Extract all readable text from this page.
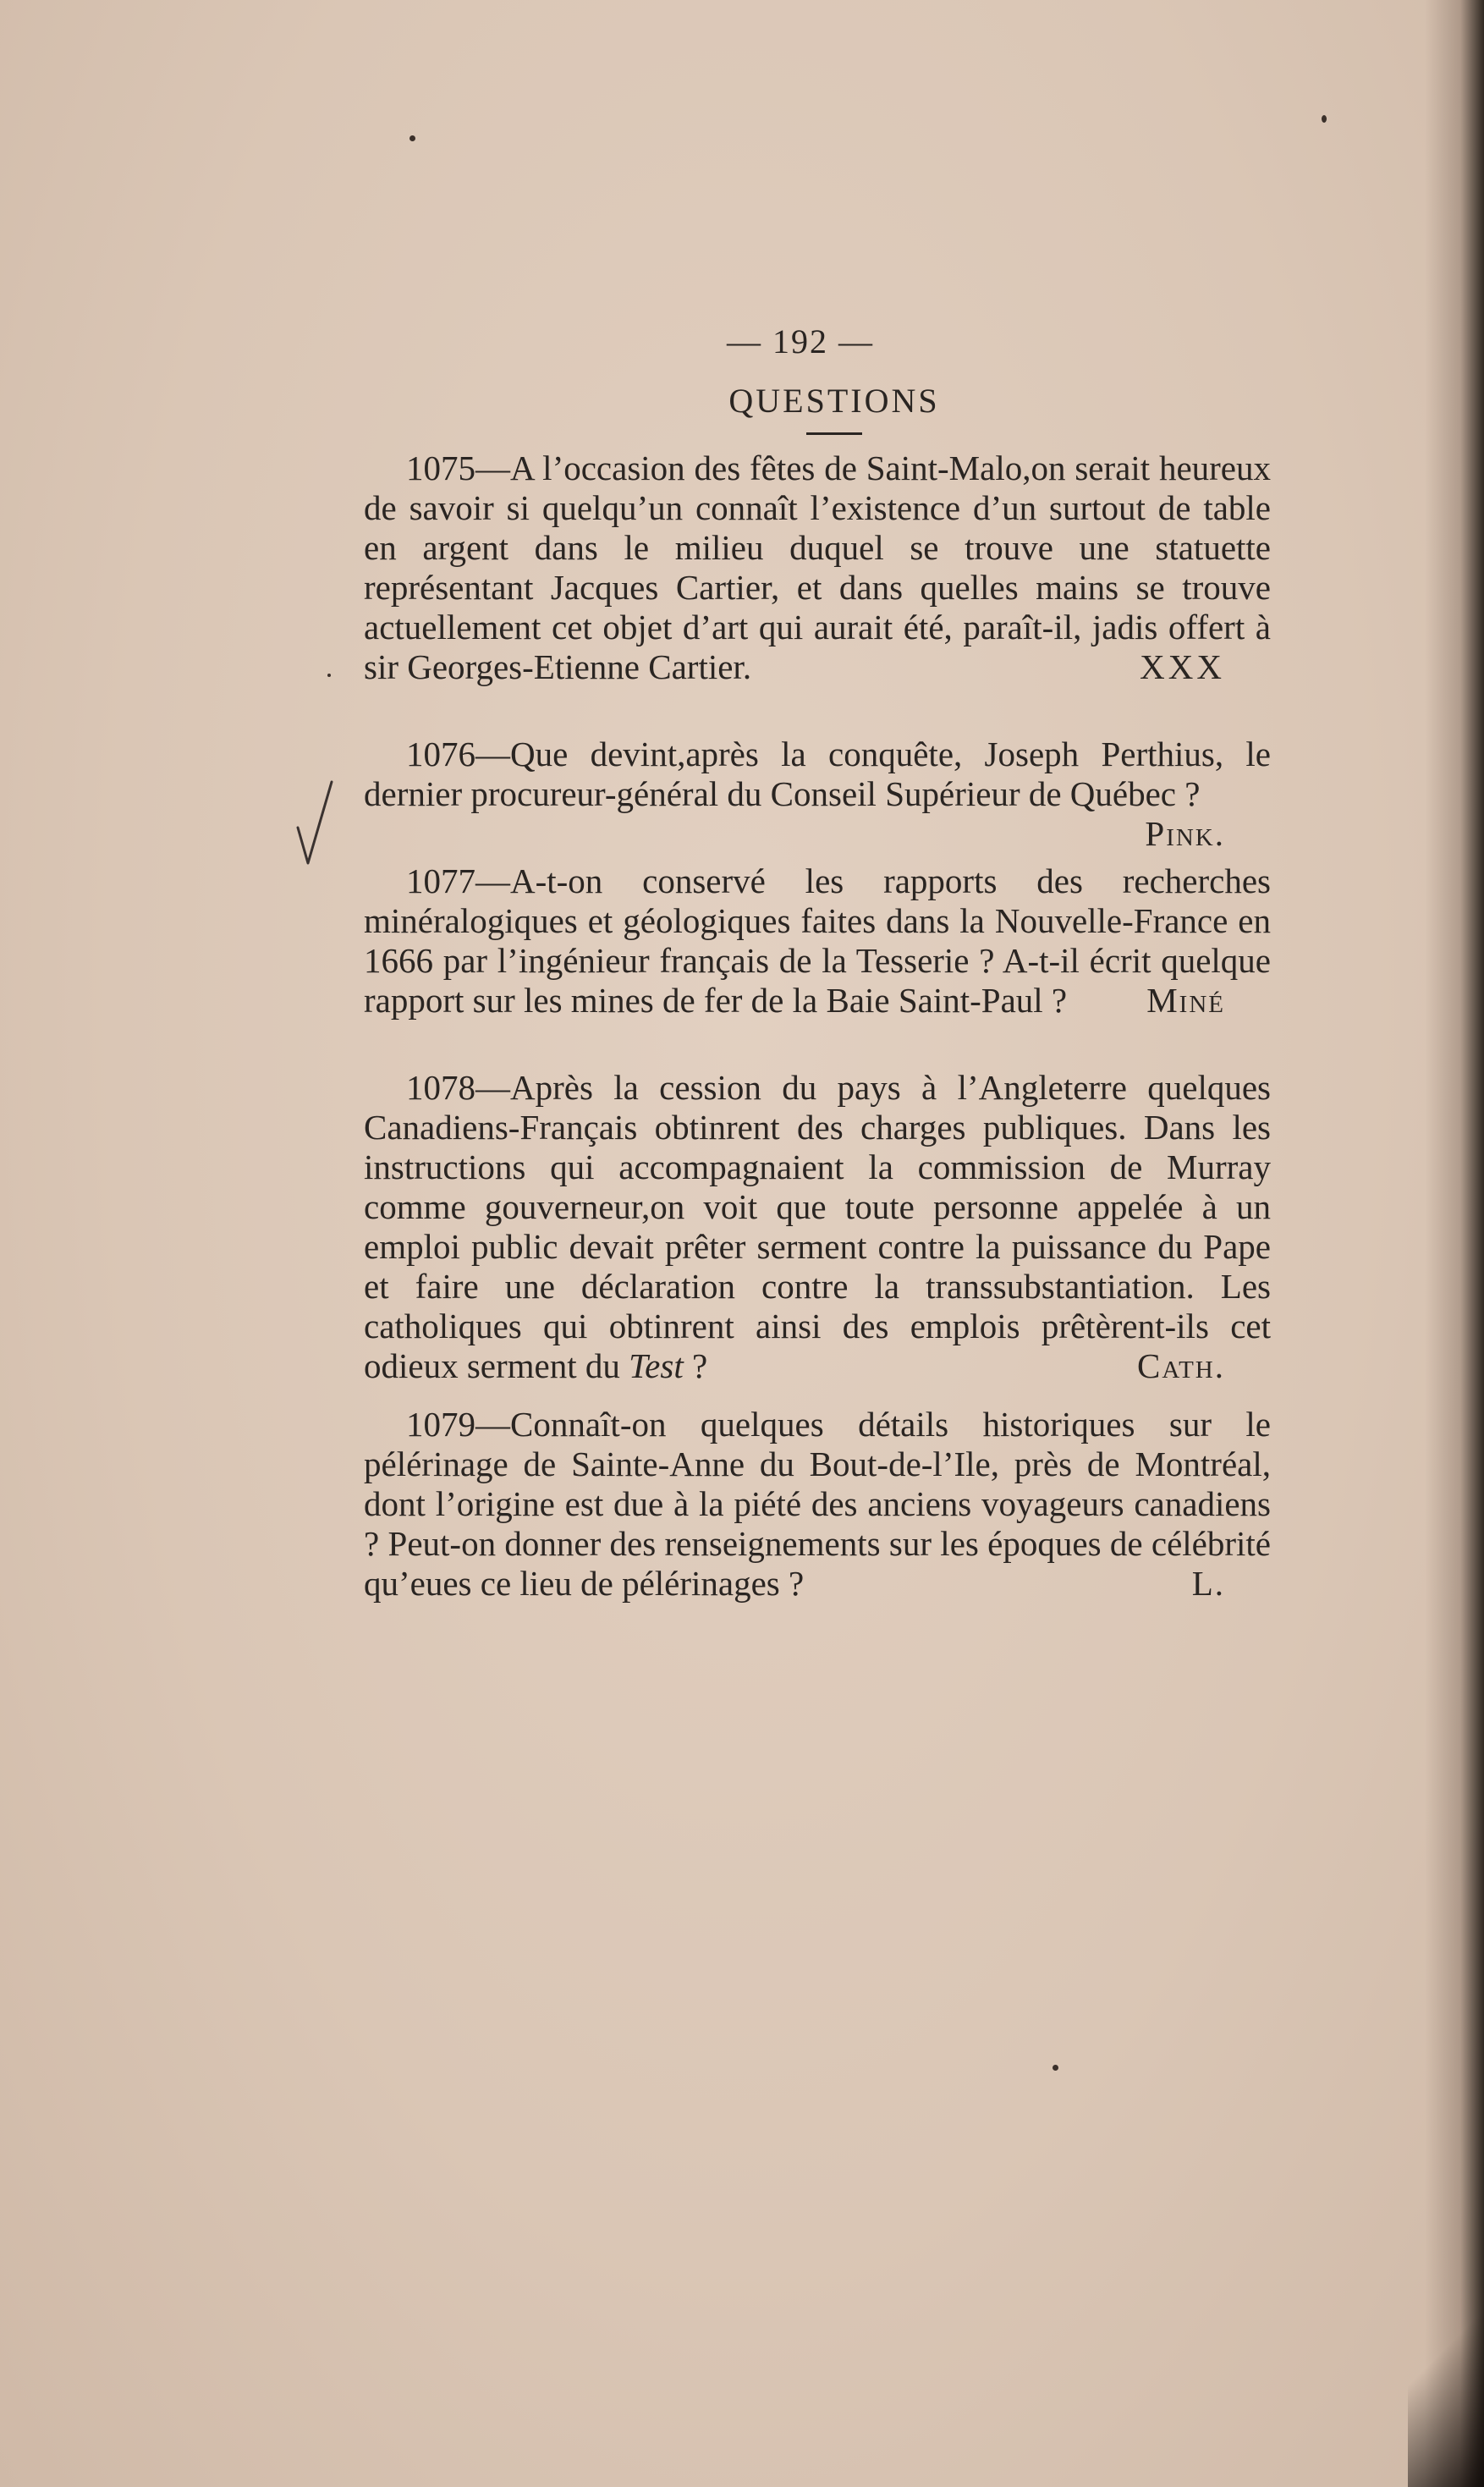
— 192 —
QUESTIONS
1075—A l’occasion des fêtes de Saint-Malo,on serait heureux de savoir si quelqu’un connaît l’existence d’un surtout de table en argent dans le milieu duquel se trouve une statuette représentant Jacques Cartier, et dans quelles mains se trouve actuellement cet objet d’art qui aurait été, paraît-il, jadis offert à sir Georges-Etienne Cartier.	XXX
1076—Que devint,après la conquête, Joseph Perthius, le dernier procureur-général du Conseil Supérieur de Québec ?
Pink.
1077—A-t-on conservé les rapports des recherches minéralogiques et géologiques faites dans la Nouvelle-France en 1666 par l’ingénieur français de la Tesserie ? A-t-il écrit quelque rapport sur les mines de fer de la Baie Saint-Paul ?	Miné
1078—Après la cession du pays à l’Angleterre quelques Canadiens-Français obtinrent des charges publiques. Dans les instructions qui accompagnaient la commission de Murray comme gouverneur,on voit que toute personne appelée à un emploi public devait prêter serment contre la puissance du Pape et faire une déclaration contre la transsubstantiation. Les catholiques qui obtinrent ainsi des emplois prêtèrent-ils cet odieux serment du Test ?	Cath.
1079—Connaît-on quelques détails historiques sur le pélérinage de Sainte-Anne du Bout-de-l’Ile, près de Montréal, dont l’origine est due à la piété des anciens voyageurs canadiens ? Peut-on donner des renseignements sur les époques de célébrité qu’eues ce lieu de pélérinages ?	L.
